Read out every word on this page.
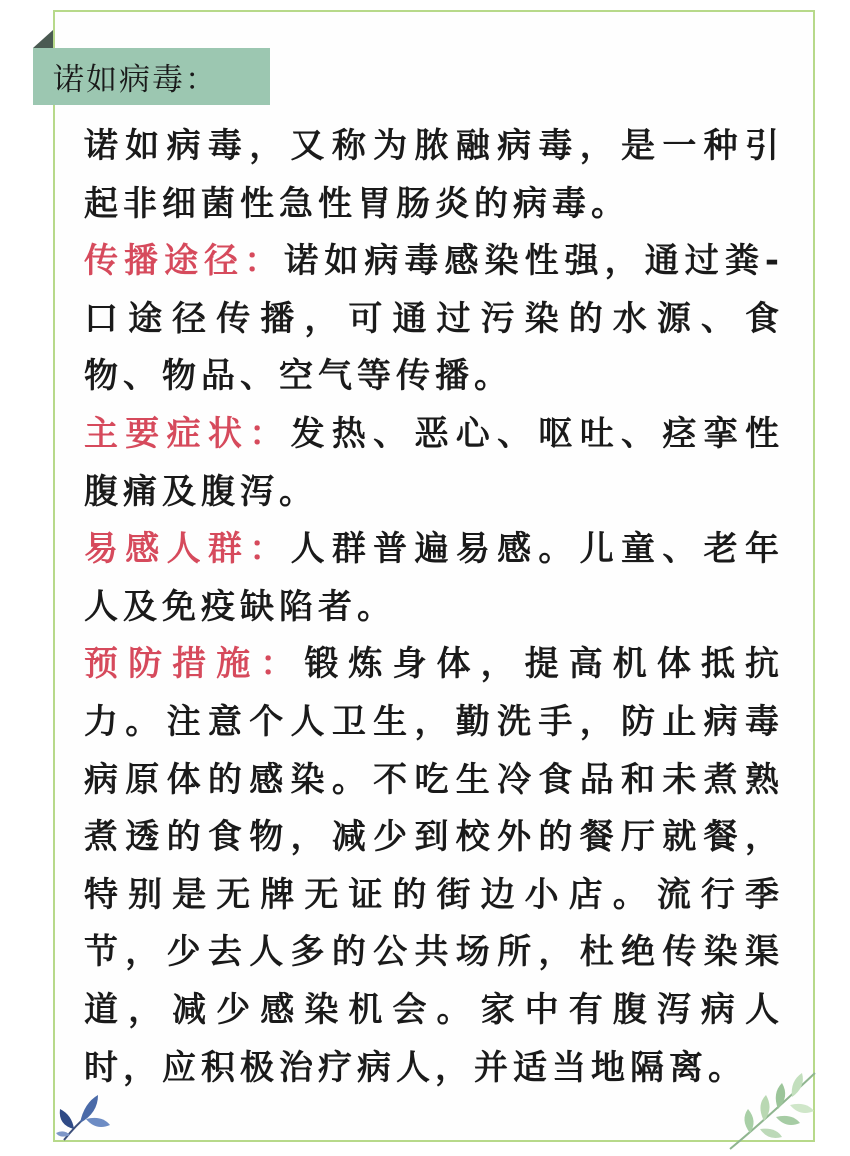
诺如病毒：

诺如病毒，又称为脓融病毒，是一种引起非细菌性急性胃肠炎的病毒。

传播途径：诺如病毒感染性强，通过粪-口途径传播，可通过污染的水源、食物、物品、空气等传播。

主要症状：发热、恶心、呕吐、痉挛性腹痛及腹泻。

易感人群：人群普遍易感。儿童、老年人及免疫缺陷者。

预防措施：锻炼身体，提高机体抵抗力。注意个人卫生，勤洗手，防止病毒病原体的感染。不吃生冷食品和未煮熟煮透的食物，减少到校外的餐厅就餐，特别是无牌无证的街边小店。流行季节，少去人多的公共场所，杜绝传染渠道，减少感染机会。家中有腹泻病人时，应积极治疗病人，并适当地隔离。
